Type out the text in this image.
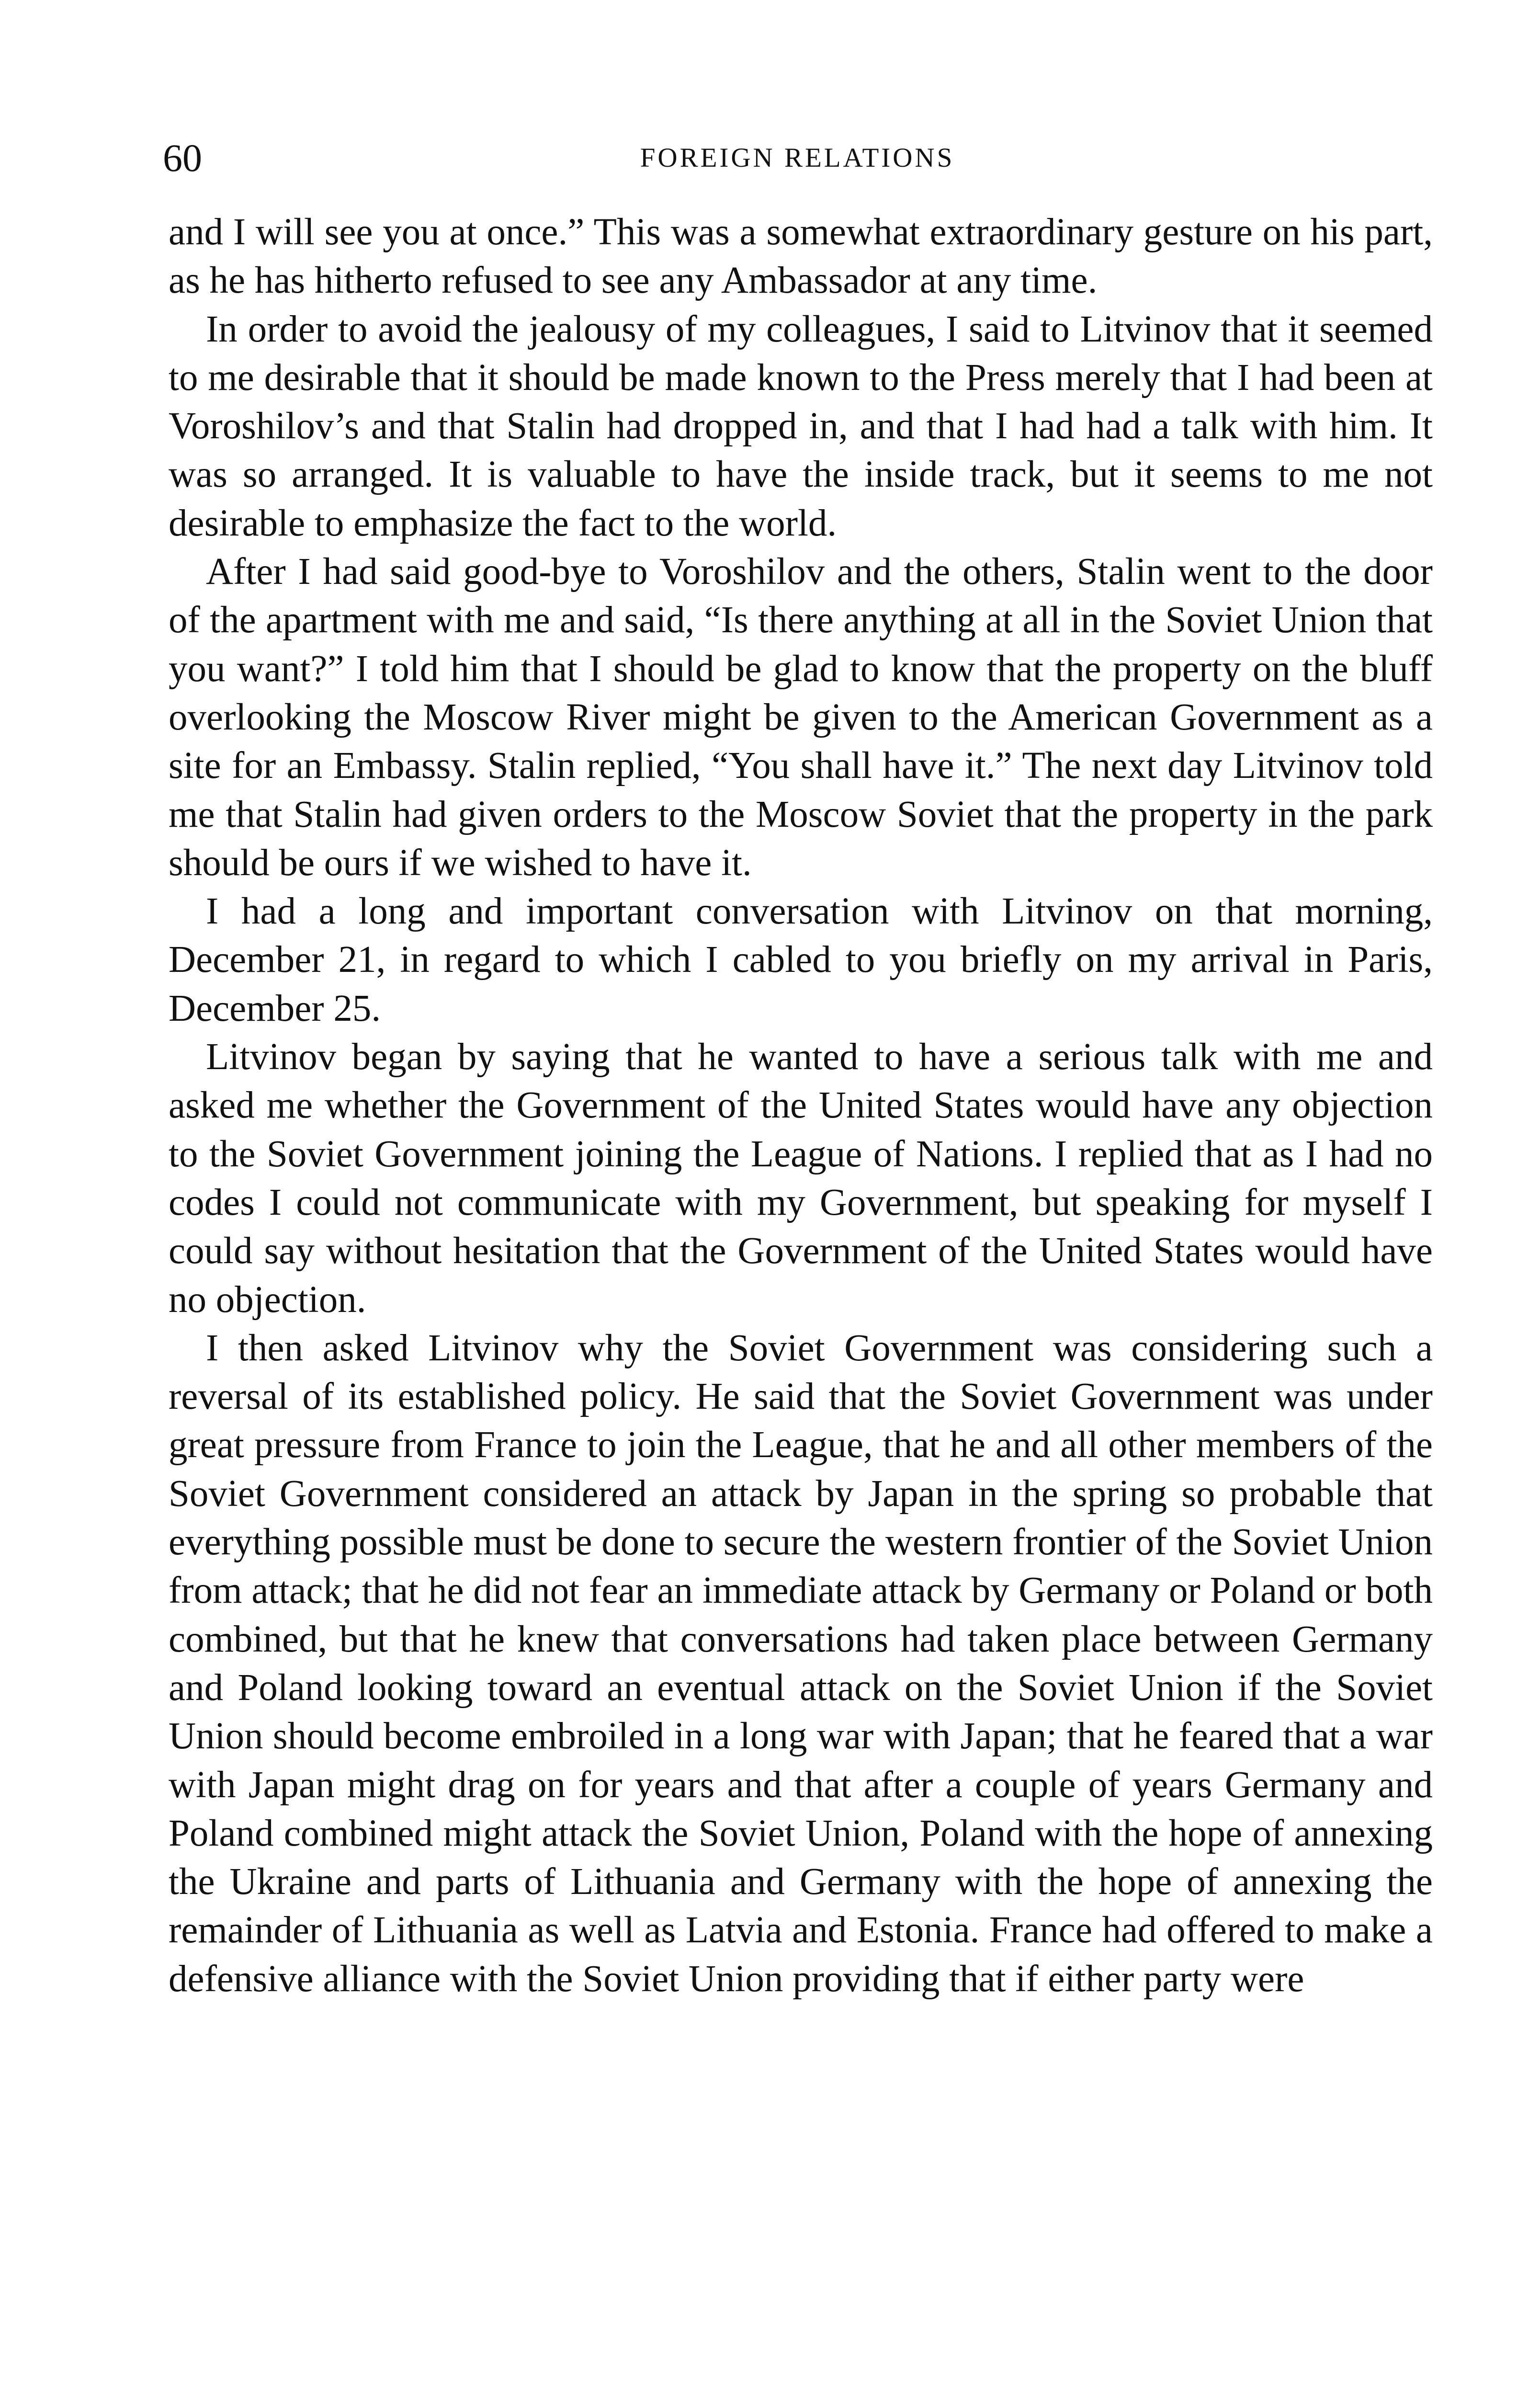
60	FOREIGN RELATIONS

and I will see you at once.” This was a somewhat extraordinary gesture on his part, as he has hitherto refused to see any Ambassador at any time.

In order to avoid the jealousy of my colleagues, I said to Litvinov that it seemed to me desirable that it should be made known to the Press merely that I had been at Voroshilov’s and that Stalin had dropped in, and that I had had a talk with him. It was so arranged. It is valuable to have the inside track, but it seems to me not desirable to emphasize the fact to the world.

After I had said good-bye to Voroshilov and the others, Stalin went to the door of the apartment with me and said, “Is there anything at all in the Soviet Union that you want?” I told him that I should be glad to know that the property on the bluff overlooking the Moscow River might be given to the American Government as a site for an Embassy. Stalin replied, “You shall have it.” The next day Litvinov told me that Stalin had given orders to the Moscow Soviet that the property in the park should be ours if we wished to have it.

I had a long and important conversation with Litvinov on that morning, December 21, in regard to which I cabled to you briefly on my arrival in Paris, December 25.

Litvinov began by saying that he wanted to have a serious talk with me and asked me whether the Government of the United States would have any objection to the Soviet Government joining the League of Nations. I replied that as I had no codes I could not communicate with my Government, but speaking for myself I could say without hesitation that the Government of the United States would have no objection.

I then asked Litvinov why the Soviet Government was considering such a reversal of its established policy. He said that the Soviet Government was under great pressure from France to join the League, that he and all other members of the Soviet Government considered an attack by Japan in the spring so probable that everything possible must be done to secure the western frontier of the Soviet Union from attack; that he did not fear an immediate attack by Germany or Poland or both combined, but that he knew that conversations had taken place between Germany and Poland looking toward an eventual attack on the Soviet Union if the Soviet Union should become embroiled in a long war with Japan; that he feared that a war with Japan might drag on for years and that after a couple of years Germany and Poland combined might attack the Soviet Union, Poland with the hope of annexing the Ukraine and parts of Lithuania and Germany with the hope of annexing the remainder of Lithuania as well as Latvia and Estonia. France had offered to make a defensive alliance with the Soviet Union providing that if either party were
